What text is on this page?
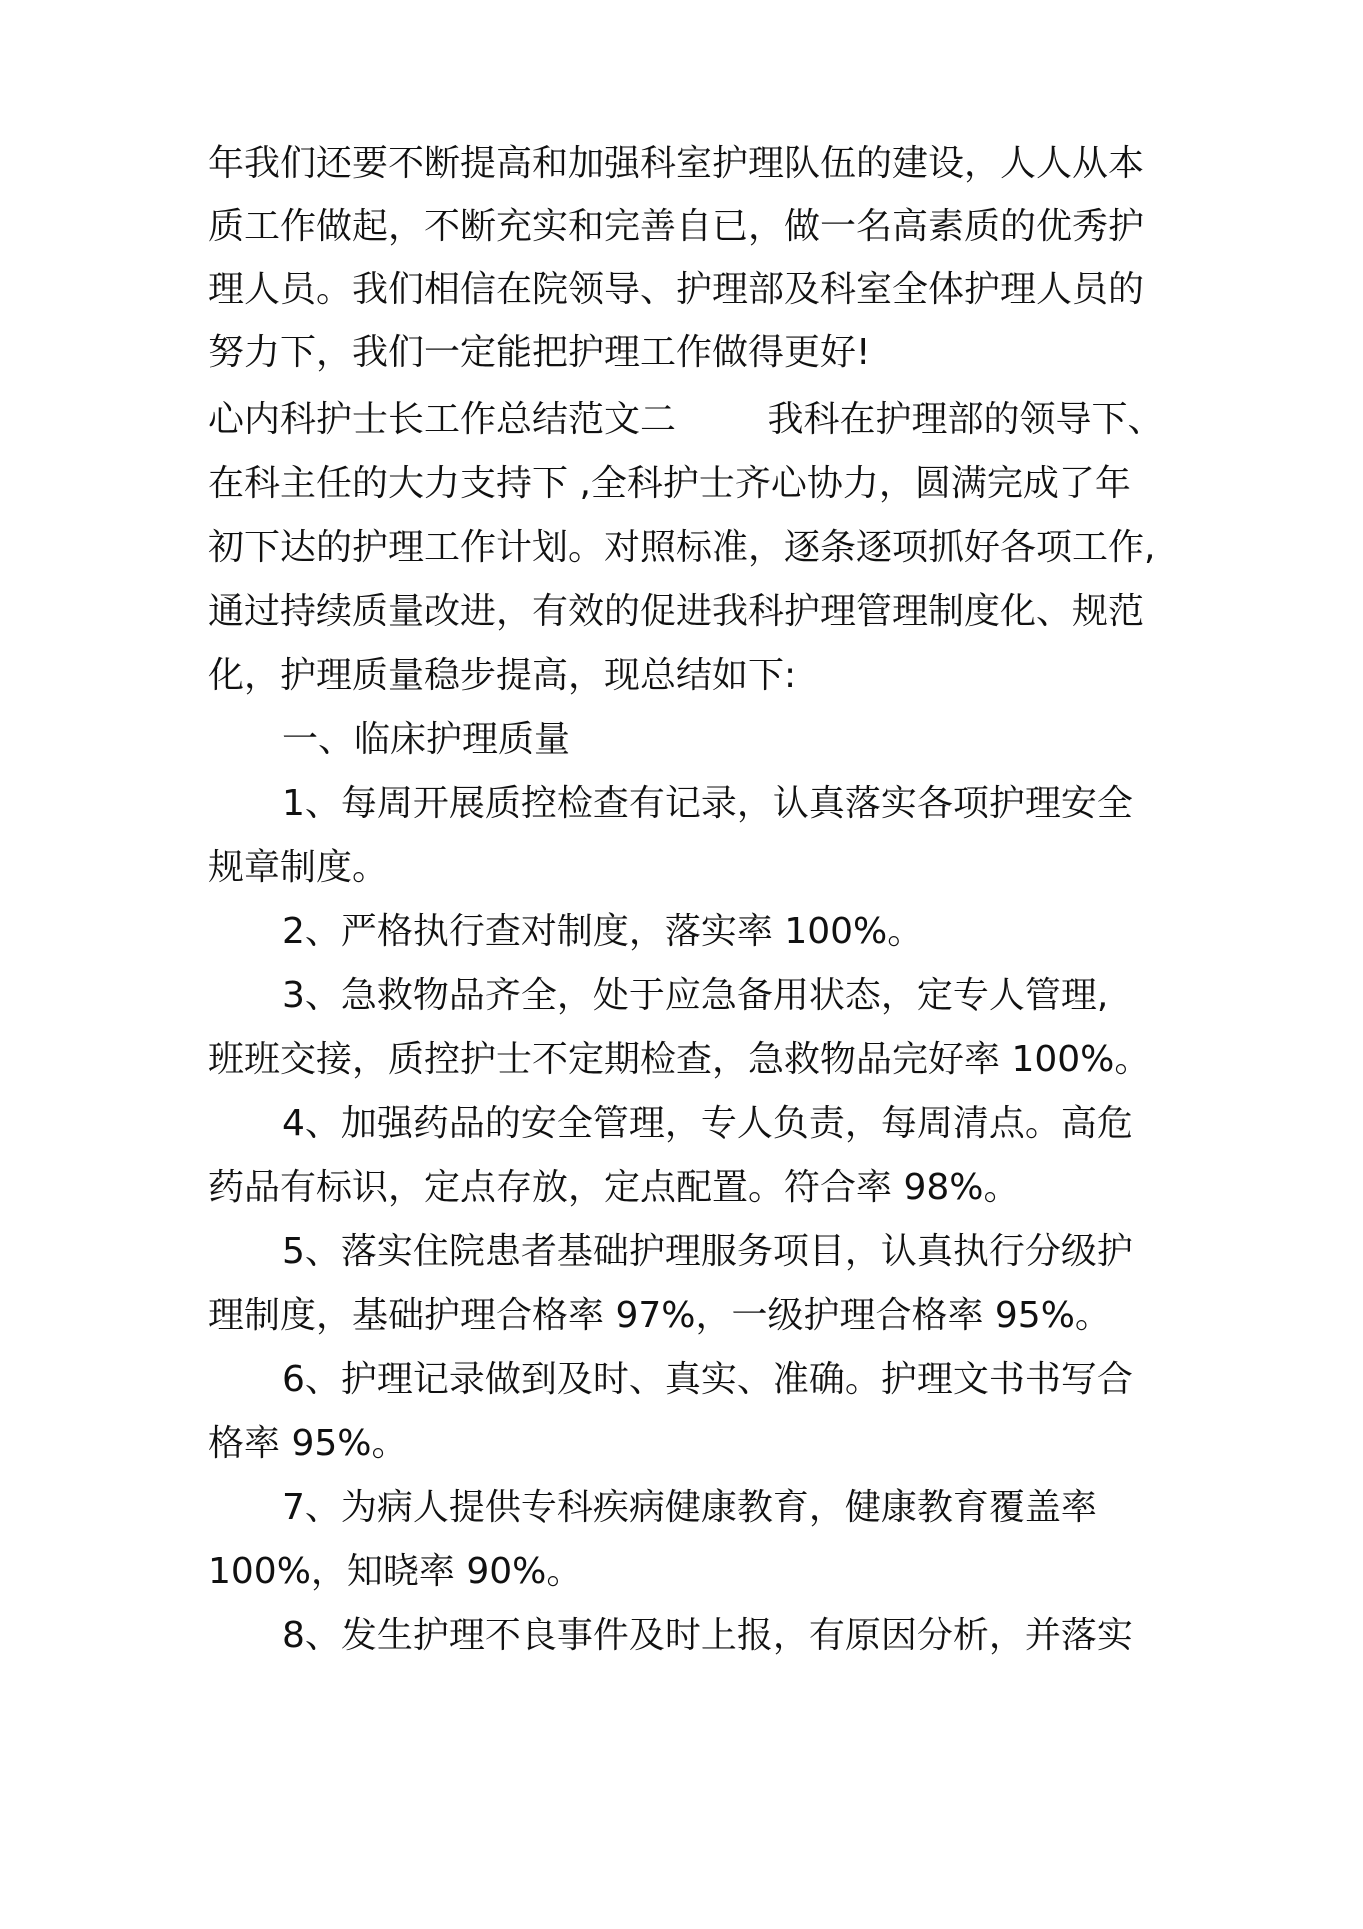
年我们还要不断提高和加强科室护理队伍的建设，人人从本
质工作做起，不断充实和完善自已，做一名高素质的优秀护
理人员。我们相信在院领导、护理部及科室全体护理人员的
努力下，我们一定能把护理工作做得更好!
心内科护士长工作总结范文二        我科在护理部的领导下、
在科主任的大力支持下 ,全科护士齐心协力，圆满完成了年
初下达的护理工作计划。对照标准，逐条逐项抓好各项工作,
通过持续质量改进，有效的促进我科护理管理制度化、规范
化，护理质量稳步提高，现总结如下:
一、临床护理质量
1、每周开展质控检查有记录，认真落实各项护理安全
规章制度。
2、严格执行查对制度，落实率 100%。
3、急救物品齐全，处于应急备用状态，定专人管理,
班班交接，质控护士不定期检查，急救物品完好率 100%。
4、加强药品的安全管理，专人负责，每周清点。高危
药品有标识，定点存放，定点配置。符合率 98%。
5、落实住院患者基础护理服务项目，认真执行分级护
理制度，基础护理合格率 97%，一级护理合格率 95%。
6、护理记录做到及时、真实、准确。护理文书书写合
格率 95%。
7、为病人提供专科疾病健康教育，健康教育覆盖率
100%，知晓率 90%。
8、发生护理不良事件及时上报，有原因分析，并落实
